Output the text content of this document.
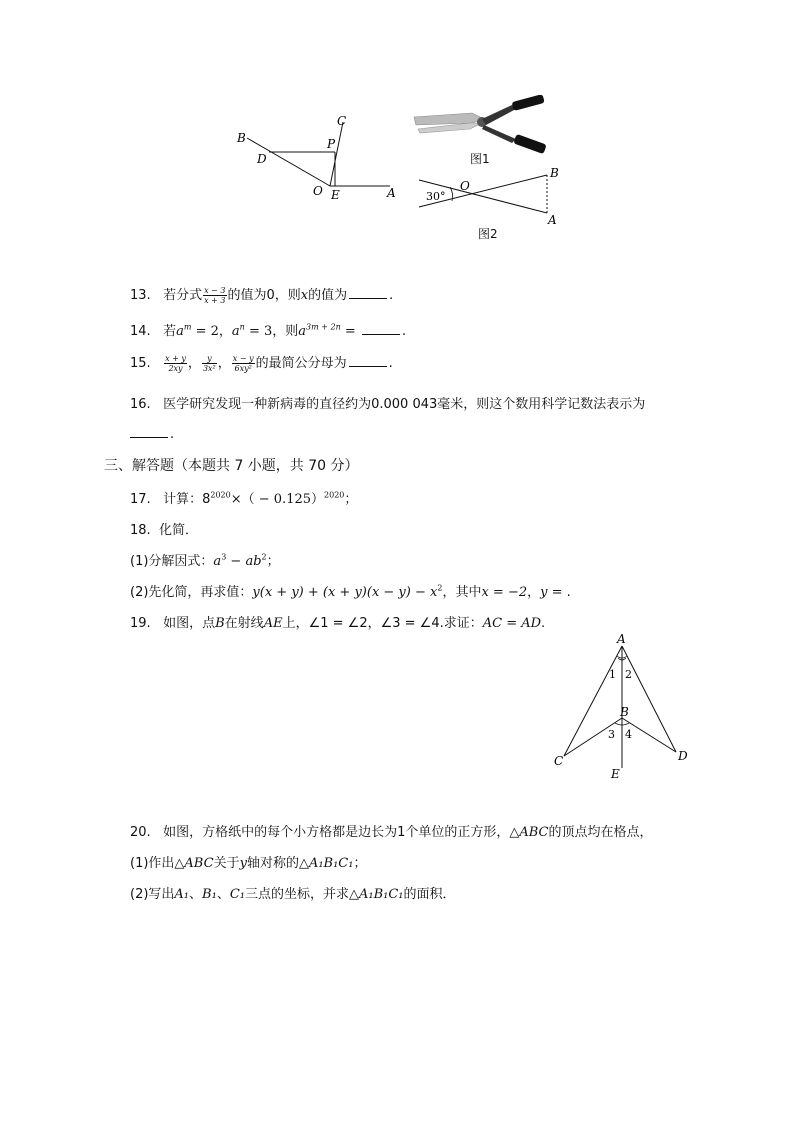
B
D
P
C
O E	A
图1
30°
O
B
A
图2
13. 若分式 $\frac{x - 3}{x + 3}$ 的值为0，则x的值为	.
14. 若$a^m = 2$，$a^n = 3$，则$a^{3m + 2n}$ =	.
15. $\frac{x + y}{2xy}$ ， $\frac{y}{\text{3x²}}$ ， $\frac{x - y}{\text{6xy²}}$ 的最简公分母为	.
16. 医学研究发现一种新病毒的直径约为0.000 043毫米，则这个数用科学记数法表示为
.
三、解答题（本题共 7 小题，共 70 分）
17. 计算：$8^{2020}\times( - 0.125)^{2020}$；
18. 化简．
(1)分解因式：$a^3 - ab^2$；
(2)先化简，再求值：$y(x + y) + (x + y)(x - y) - x^2$，其中x = −2，y = .
19. 如图，点B在射线AE上，∠1 = ∠2，∠3 = ∠4.求证：AC = AD.
A
B
C	D
E
1 2
3 4
20. 如图，方格纸中的每个小方格都是边长为1个单位的正方形，△ABC的顶点均在格点，
(1)作出△ABC关于y轴对称的△A₁B₁C₁；
(2)写出A₁、B₁、C₁三点的坐标，并求△A₁B₁C₁的面积．
